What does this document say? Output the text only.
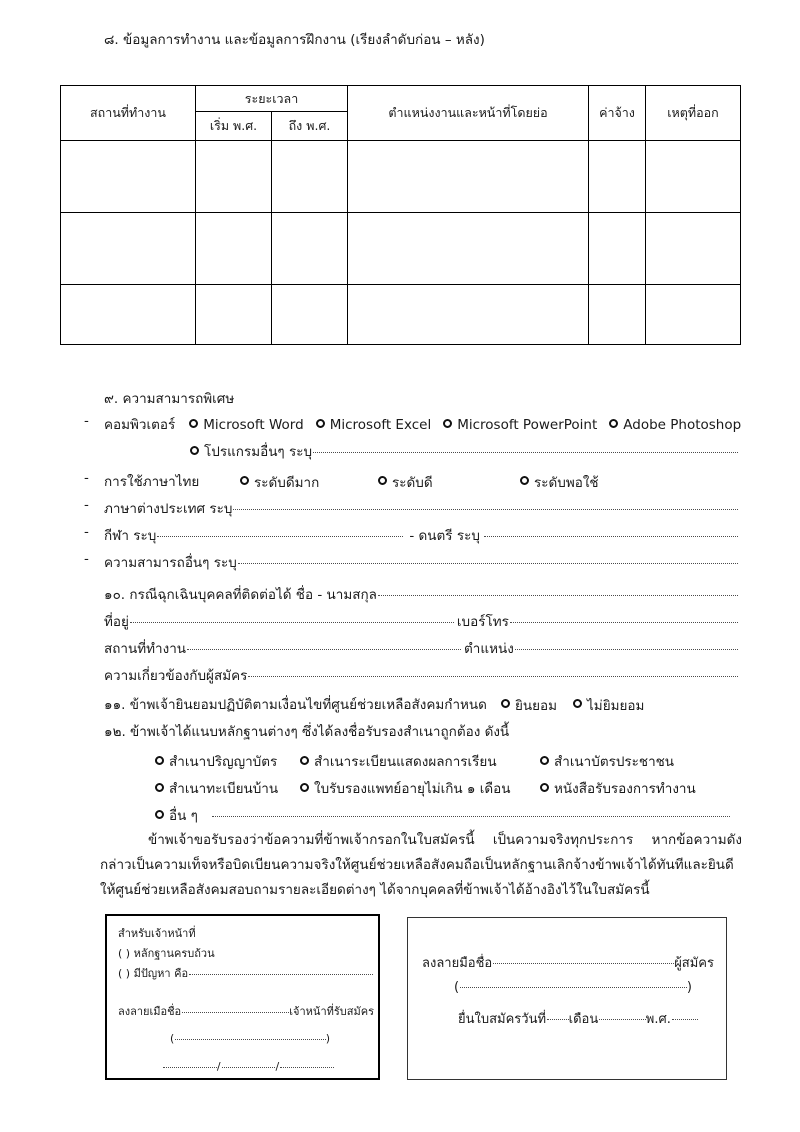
๘. ข้อมูลการทำงาน และข้อมูลการฝึกงาน (เรียงลำดับก่อน – หลัง)
สถานที่ทำงาน	ระยะเวลา		ตำแหน่งงานและหน้าที่โดยย่อ	ค่าจ้าง	เหตุที่ออก
	เริ่ม พ.ศ.	ถึง พ.ศ.			

๙. ความสามารถพิเศษ
- คอมพิวเตอร์ Microsoft Word Microsoft Excel Microsoft PowerPoint Adobe Photoshop
โปรแกรมอื่นๆ ระบุ
- การใช้ภาษาไทย	ระดับดีมาก	ระดับดี	ระดับพอใช้
- ภาษาต่างประเทศ ระบุ
- กีฬา ระบุ	- ดนตรี ระบุ
- ความสามารถอื่นๆ ระบุ
๑๐. กรณีฉุกเฉินบุคคลที่ติดต่อได้ ชื่อ - นามสกุล
ที่อยู่	เบอร์โทร
สถานที่ทำงาน	ตำแหน่ง
ความเกี่ยวข้องกับผู้สมัคร
๑๑. ข้าพเจ้ายินยอมปฏิบัติตามเงื่อนไขที่ศูนย์ช่วยเหลือสังคมกำหนด ยินยอม ไม่ยิมยอม
๑๒. ข้าพเจ้าได้แนบหลักฐานต่างๆ ซึ่งได้ลงชื่อรับรองสำเนาถูกต้อง ดังนี้
สำเนาปริญญาบัตร	สำเนาระเบียนแสดงผลการเรียน	สำเนาบัตรประชาชน
สำเนาทะเบียนบ้าน	ใบรับรองแพทย์อายุไม่เกิน ๑ เดือน	หนังสือรับรองการทำงาน
อื่น ๆ
ข้าพเจ้าขอรับรองว่าข้อความที่ข้าพเจ้ากรอกในใบสมัครนี้ เป็นความจริงทุกประการ หากข้อความดังกล่าวเป็นความเท็จหรือบิดเบียนความจริงให้ศูนย์ช่วยเหลือสังคมถือเป็นหลักฐานเลิกจ้างข้าพเจ้าได้ทันทีและยินดีให้ศูนย์ช่วยเหลือสังคมสอบถามรายละเอียดต่างๆ ได้จากบุคคลที่ข้าพเจ้าได้อ้างอิงไว้ในใบสมัครนี้
สำหรับเจ้าหน้าที่
( ) หลักฐานครบถ้วน
( ) มีปัญหา คือ
ลงลายเมือชื่อ	เจ้าหน้าที่รับสมัคร
(	)
/	/
ลงลายมือชื่อ	ผู้สมัคร
(	)
ยื่นใบสมัครวันที่ เดือน	พ.ศ.
